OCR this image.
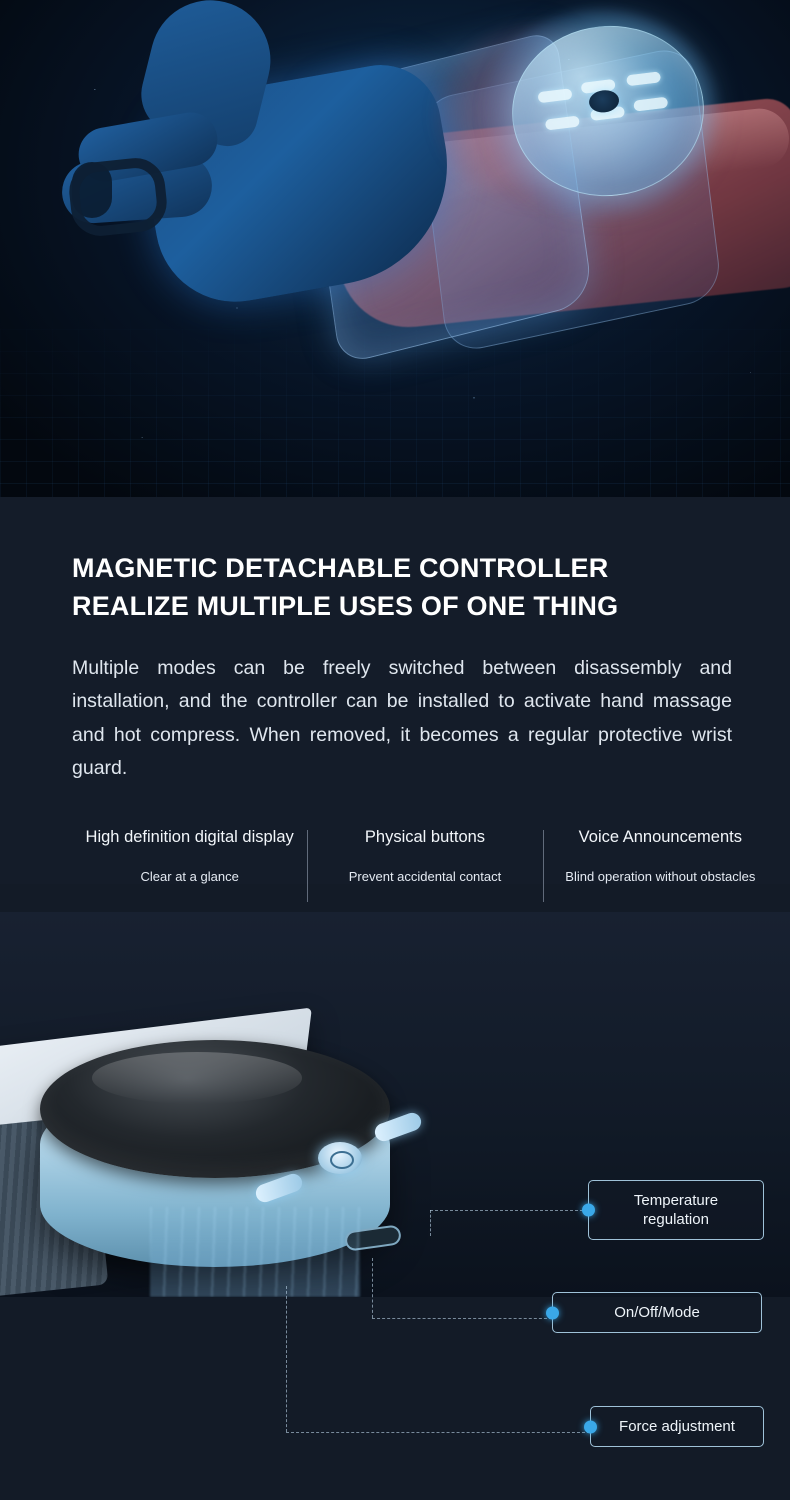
MAGNETIC DETACHABLE CONTROLLER
REALIZE MULTIPLE USES OF ONE THING

Multiple modes can be freely switched between disassembly and installation, and the controller can be installed to activate hand massage and hot compress. When removed, it becomes a regular protective wrist guard.

High definition digital display
Clear at a glance
Physical buttons
Prevent accidental contact
Voice Announcements
Blind operation without obstacles
Temperature regulation
On/Off/Mode
Force adjustment
